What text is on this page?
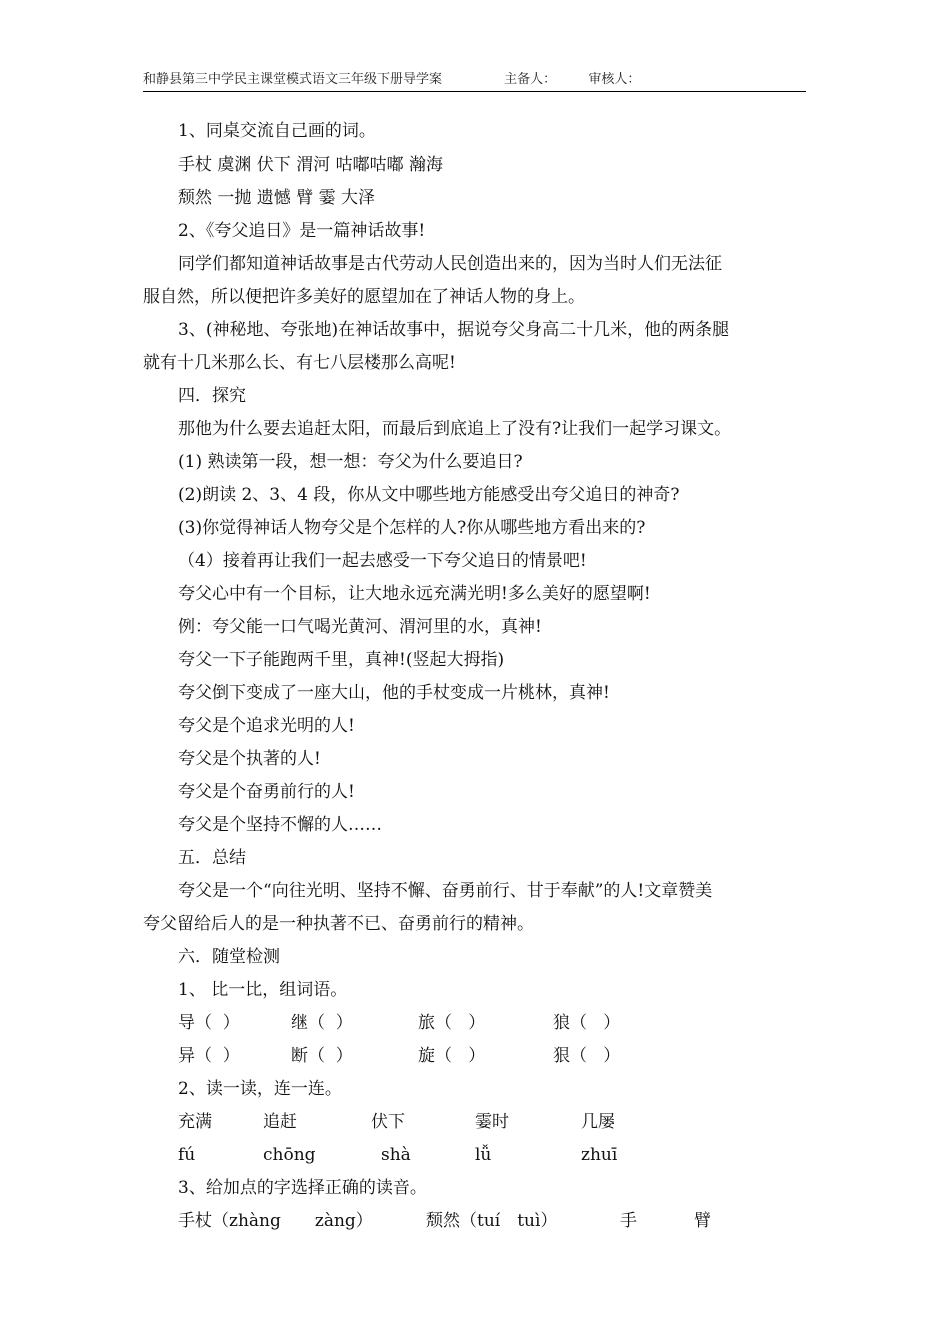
和静县第三中学民主课堂模式语文三年级下册导学案	主备人： 审核人：
1、同桌交流自己画的词。
手杖 虞渊 伏下 渭河 咕嘟咕嘟 瀚海
颓然 一抛 遗憾 臂 霎 大泽
2、《夸父追日》是一篇神话故事!
同学们都知道神话故事是古代劳动人民创造出来的，因为当时人们无法征
服自然，所以便把许多美好的愿望加在了神话人物的身上。
3、(神秘地、夸张地)在神话故事中，据说夸父身高二十几米，他的两条腿
就有十几米那么长、有七八层楼那么高呢!
四．探究
那他为什么要去追赶太阳，而最后到底追上了没有?让我们一起学习课文。
(1) 熟读第一段，想一想：夸父为什么要追日?
(2)朗读 2、3、4 段，你从文中哪些地方能感受出夸父追日的神奇?
(3)你觉得神话人物夸父是个怎样的人?你从哪些地方看出来的?
（4）接着再让我们一起去感受一下夸父追日的情景吧!
夸父心中有一个目标，让大地永远充满光明!多么美好的愿望啊!
例：夸父能一口气喝光黄河、渭河里的水，真神!
夸父一下子能跑两千里，真神!(竖起大拇指)
夸父倒下变成了一座大山，他的手杖变成一片桃林，真神!
夸父是个追求光明的人!
夸父是个执著的人!
夸父是个奋勇前行的人!
夸父是个坚持不懈的人……
五．总结
夸父是一个“向往光明、坚持不懈、奋勇前行、甘于奉献”的人!文章赞美
夸父留给后人的是一种执著不已、奋勇前行的精神。
六．随堂检测
1、 比一比，组词语。
导（  ）	继（  ）	旅（   ）	狼（   ）
异（  ）	断（  ）	旋（   ）	狠（   ）
2、读一读，连一连。
充满	追赶	伏下	霎时	几屡
fú	chōng	shà	lǚ	zhuī
3、给加点的字选择正确的读音。
手杖（zhàng　　zàng）	颓然（tuí　tuì）	手	臂
